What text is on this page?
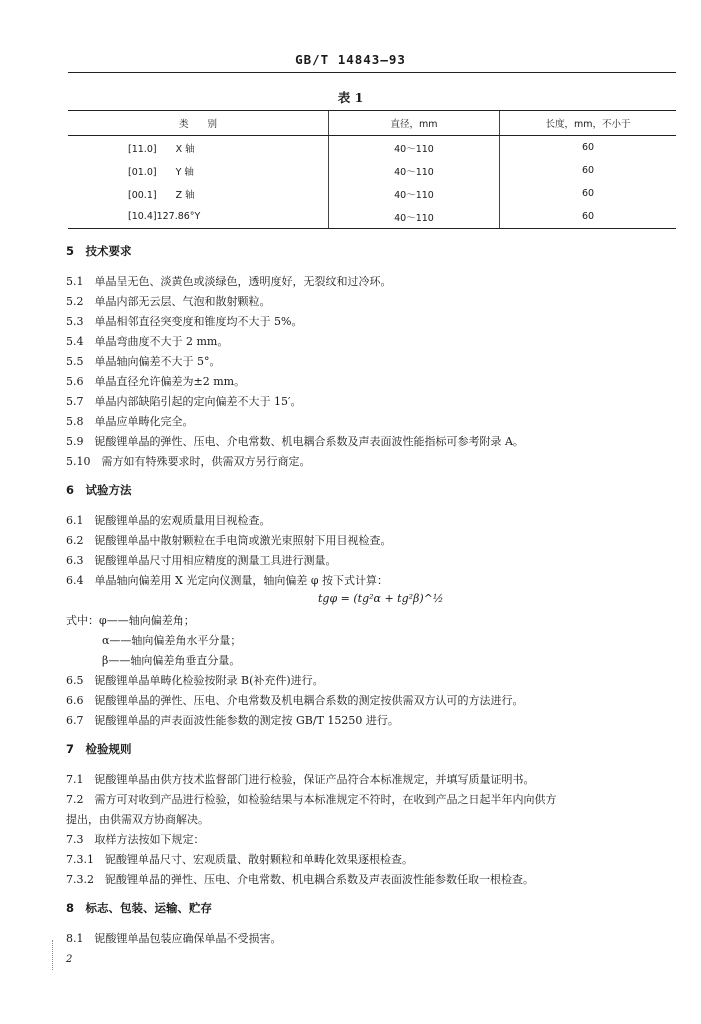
GB/T 14843—93
表 1
类　　别	直径，mm	长度，mm，不小于
[11.0]　　X 轴	40～110	60
[01.0]　　Y 轴	40～110	60
[00.1]　　Z 轴	40～110	60
[10.4]127.86°Y	40～110	60
5　技术要求
5.1　单晶呈无色、淡黄色或淡绿色，透明度好，无裂纹和过冷环。
5.2　单晶内部无云层、气泡和散射颗粒。
5.3　单晶相邻直径突变度和锥度均不大于 5%。
5.4　单晶弯曲度不大于 2 mm。
5.5　单晶轴向偏差不大于 5°。
5.6　单晶直径允许偏差为±2 mm。
5.7　单晶内部缺陷引起的定向偏差不大于 15′。
5.8　单晶应单畴化完全。
5.9　铌酸锂单晶的弹性、压电、介电常数、机电耦合系数及声表面波性能指标可参考附录 A。
5.10　需方如有特殊要求时，供需双方另行商定。
6　试验方法
6.1　铌酸锂单晶的宏观质量用目视检查。
6.2　铌酸锂单晶中散射颗粒在手电筒或激光束照射下用目视检查。
6.3　铌酸锂单晶尺寸用相应精度的测量工具进行测量。
6.4　单晶轴向偏差用 X 光定向仪测量，轴向偏差 φ 按下式计算：
tgφ = (tg²α + tg²β)^½
式中：φ——轴向偏差角；
α——轴向偏差角水平分量；
β——轴向偏差角垂直分量。
6.5　铌酸锂单晶单畴化检验按附录 B(补充件)进行。
6.6　铌酸锂单晶的弹性、压电、介电常数及机电耦合系数的测定按供需双方认可的方法进行。
6.7　铌酸锂单晶的声表面波性能参数的测定按 GB/T 15250 进行。
7　检验规则
7.1　铌酸锂单晶由供方技术监督部门进行检验，保证产品符合本标准规定，并填写质量证明书。
7.2　需方可对收到产品进行检验，如检验结果与本标准规定不符时，在收到产品之日起半年内向供方
提出，由供需双方协商解决。
7.3　取样方法按如下规定：
7.3.1　铌酸锂单晶尺寸、宏观质量、散射颗粒和单畴化效果逐根检查。
7.3.2　铌酸锂单晶的弹性、压电、介电常数、机电耦合系数及声表面波性能参数任取一根检查。
8　标志、包装、运输、贮存
8.1　铌酸锂单晶包装应确保单晶不受损害。
2
